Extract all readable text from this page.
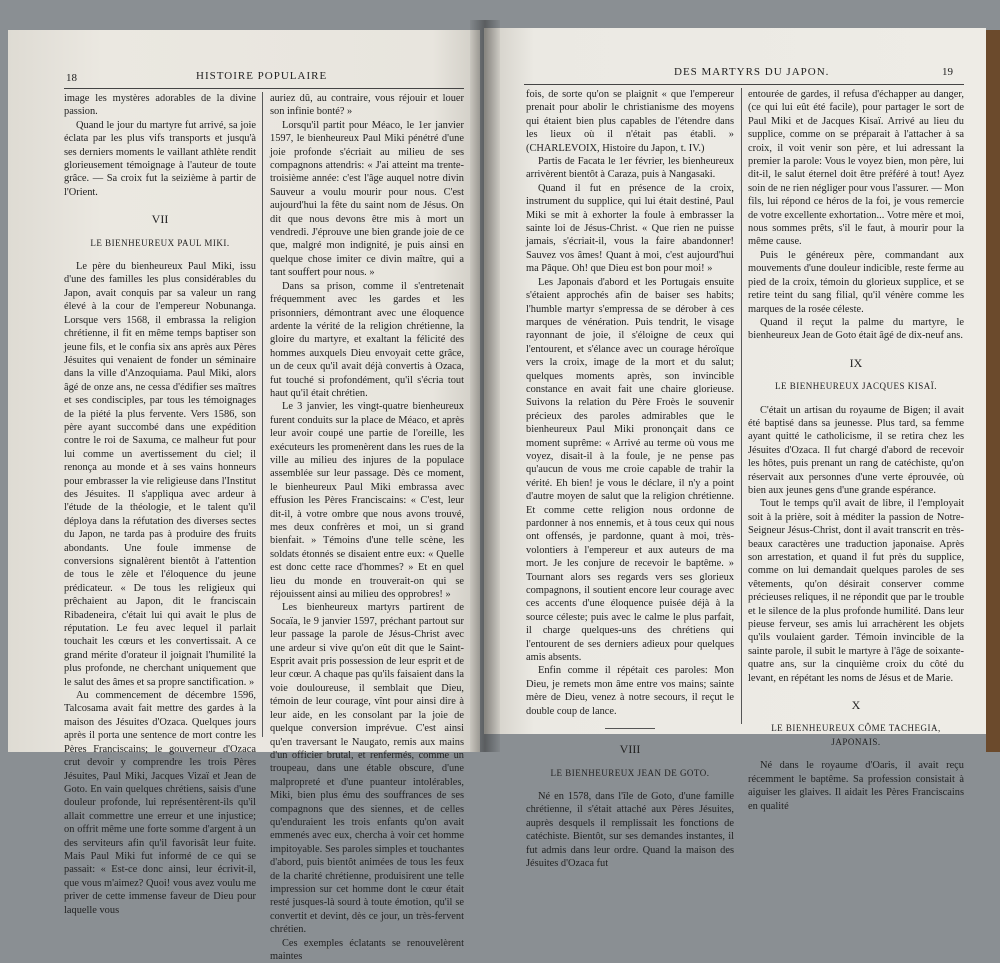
18	HISTOIRE POPULAIRE

image les mystères adorables de la divine passion.

Quand le jour du martyre fut arrivé, sa joie éclata par les plus vifs transports et jusqu'à ses derniers moments le vaillant athlète rendit glorieusement témoignage à l'auteur de toute grâce. — Sa croix fut la seizième à partir de l'Orient.

VII
LE BIENHEUREUX PAUL MIKI.

Le père du bienheureux Paul Miki, issu d'une des familles les plus considérables du Japon, avait conquis par sa valeur un rang élevé à la cour de l'empereur Nobunanga. Lorsque vers 1568, il embrassa la religion chrétienne, il fit en même temps baptiser son jeune fils, et le confia six ans après aux Pères Jésuites qui venaient de fonder un séminaire dans la ville d'Anzoquiama. Paul Miki, alors âgé de onze ans, ne cessa d'édifier ses maîtres et ses condisciples, par tous les témoignages de la piété la plus fervente. Vers 1586, son père ayant succombé dans une expédition contre le roi de Saxuma, ce malheur fut pour lui comme un avertissement du ciel; il renonça au monde et à ses vains honneurs pour embrasser la vie religieuse dans l'Institut des Jésuites. Il s'appliqua avec ardeur à l'étude de la théologie, et le talent qu'il déploya dans la réfutation des diverses sectes du Japon, ne tarda pas à produire des fruits abondants. Une foule immense de conversions signalèrent bientôt à l'attention de tous le zèle et l'éloquence du jeune prédicateur. « De tous les religieux qui prêchaient au Japon, dit le franciscain Ribadeneira, c'était lui qui avait le plus de réputation. Le feu avec lequel il parlait touchait les cœurs et les convertissait. A ce grand mérite d'orateur il joignait l'humilité la plus profonde, ne cherchant uniquement que le salut des âmes et sa propre sanctification. »

Au commencement de décembre 1596, Talcosama avait fait mettre des gardes à la maison des Jésuites d'Ozaca. Quelques jours après il porta une sentence de mort contre les Pères Franciscains; le gouverneur d'Ozaca crut devoir y comprendre les trois Pères Jésuites, Paul Miki, Jacques Vizaï et Jean de Goto. En vain quelques chrétiens, saisis d'une douleur profonde, lui représentèrent-ils qu'il allait commettre une erreur et une injustice; on offrit même une forte somme d'argent à un des serviteurs afin qu'il favorisât leur fuite. Mais Paul Miki fut informé de ce qui se passait: « Est-ce donc ainsi, leur écrivit-il, que vous m'aimez? Quoi! vous avez voulu me priver de cette immense faveur de Dieu pour laquelle vous

auriez dû, au contraire, vous réjouir et louer son infinie bonté? »

Lorsqu'il partit pour Méaco, le 1er janvier 1597, le bienheureux Paul Miki pénétré d'une joie profonde s'écriait au milieu de ses compagnons attendris: « J'ai atteint ma trente-troisième année: c'est l'âge auquel notre divin Sauveur a voulu mourir pour nous. C'est aujourd'hui la fête du saint nom de Jésus. On dit que nous devons être mis à mort un vendredi. J'éprouve une bien grande joie de ce que, malgré mon indignité, je puis ainsi en quelque chose imiter ce divin maître, qui a tant souffert pour nous. »

Dans sa prison, comme il s'entretenait fréquemment avec les gardes et les prisonniers, démontrant avec une éloquence ardente la vérité de la religion chrétienne, la gloire du martyre, et exaltant la félicité des hommes auxquels Dieu envoyait cette grâce, un de ceux qu'il avait déjà convertis à Ozaca, fut touché si profondément, qu'il s'écria tout haut qu'il était chrétien.

Le 3 janvier, les vingt-quatre bienheureux furent conduits sur la place de Méaco, et après leur avoir coupé une partie de l'oreille, les exécuteurs les promenèrent dans les rues de la ville au milieu des injures de la populace assemblée sur leur passage. Dès ce moment, le bienheureux Paul Miki embrassa avec effusion les Pères Franciscains: « C'est, leur dit-il, à votre ombre que nous avons trouvé, mes deux confrères et moi, un si grand bienfait. » Témoins d'une telle scène, les soldats étonnés se disaient entre eux: « Quelle est donc cette race d'hommes? » Et en quel lieu du monde en trouverait-on qui se réjouissent ainsi au milieu des opprobres! »

Les bienheureux martyrs partirent de Socaïa, le 9 janvier 1597, préchant partout sur leur passage la parole de Jésus-Christ avec une ardeur si vive qu'on eût dit que le Saint-Esprit avait pris possession de leur esprit et de leur cœur. A chaque pas qu'ils faisaient dans la voie douloureuse, il semblait que Dieu, témoin de leur courage, vînt pour ainsi dire à leur aide, en les consolant par la joie de quelque conversion imprévue. C'est ainsi qu'en traversant le Naugato, remis aux mains d'un officier brutal, et renfermés, comme un troupeau, dans une étable obscure, d'une malpropreté et d'une puanteur intolérables, Miki, bien plus ému des souffrances de ses compagnons que des siennes, et de celles qu'enduraient les trois enfants qu'on avait emmenés avec eux, chercha à voir cet homme impitoyable. Ses paroles simples et touchantes d'abord, puis bientôt animées de tous les feux de la charité chrétienne, produisirent une telle impression sur cet homme dont le cœur était resté jusques-là sourd à toute émotion, qu'il se convertit et devint, dès ce jour, un très-fervent chrétien.

Ces exemples éclatants se renouvelèrent maintes

DES MARTYRS DU JAPON.	19

fois, de sorte qu'on se plaignit « que l'empereur prenait pour abolir le christianisme des moyens qui étaient bien plus capables de l'étendre dans les lieux où il n'était pas établi. » (CHARLEVOIX, Histoire du Japon, t. IV.)

Partis de Facata le 1er février, les bienheureux arrivèrent bientôt à Caraza, puis à Nangasaki.

Quand il fut en présence de la croix, instrument du supplice, qui lui était destiné, Paul Miki se mit à exhorter la foule à embrasser la sainte loi de Jésus-Christ. « Que rien ne puisse jamais, s'écriait-il, vous la faire abandonner! Sauvez vos âmes! Quant à moi, c'est aujourd'hui ma Pâque. Oh! que Dieu est bon pour moi! »

Les Japonais d'abord et les Portugais ensuite s'étaient approchés afin de baiser ses habits; l'humble martyr s'empressa de se dérober à ces marques de vénération. Puis tendrit, le visage rayonnant de joie, il s'éloigne de ceux qui l'entourent, et s'élance avec un courage héroïque vers la croix, image de la mort et du salut; quelques moments après, son invincible constance en avait fait une chaire glorieuse. Suivons la relation du Père Froès le souvenir précieux des paroles admirables que le bienheureux Paul Miki prononçait dans ce moment suprême: « Arrivé au terme où vous me voyez, disait-il à la foule, je ne pense pas qu'aucun de vous me croie capable de trahir la vérité. Eh bien! je vous le déclare, il n'y a point d'autre moyen de salut que la religion chrétienne. Et comme cette religion nous ordonne de pardonner à nos ennemis, et à tous ceux qui nous ont offensés, je pardonne, quant à moi, très-volontiers à l'empereur et aux auteurs de ma mort. Je les conjure de recevoir le baptême. » Tournant alors ses regards vers ses glorieux compagnons, il soutient encore leur courage avec ces accents d'une éloquence puisée déjà à la source céleste; puis avec le calme le plus parfait, il charge quelques-uns des chrétiens qui l'entourent de ses derniers adieux pour quelques amis absents.

Enfin comme il répétait ces paroles: Mon Dieu, je remets mon âme entre vos mains; sainte mère de Dieu, venez à notre secours, il reçut le double coup de lance.

VIII
LE BIENHEUREUX JEAN DE GOTO.

Né en 1578, dans l'île de Goto, d'une famille chrétienne, il s'était attaché aux Pères Jésuites, auprès desquels il remplissait les fonctions de catéchiste. Bientôt, sur ses demandes instantes, il fut admis dans leur ordre. Quand la maison des Jésuites d'Ozaca fut

entourée de gardes, il refusa d'échapper au danger, (ce qui lui eût été facile), pour partager le sort de Paul Miki et de Jacques Kisaï. Arrivé au lieu du supplice, comme on se préparait à l'attacher à sa croix, il voit venir son père, et lui adressant la premier la parole: Vous le voyez bien, mon père, lui dit-il, le salut éternel doit être préféré à tout! Ayez soin de ne rien négliger pour vous l'assurer. — Mon fils, lui répond ce héros de la foi, je vous remercie de votre excellente exhortation... Votre mère et moi, nous sommes prêts, s'il le faut, à mourir pour la même cause.

Puis le généreux père, commandant aux mouvements d'une douleur indicible, reste ferme au pied de la croix, témoin du glorieux supplice, et se retire teint du sang filial, qu'il vénère comme les marques de la rosée céleste.

Quand il reçut la palme du martyre, le bienheureux Jean de Goto était âgé de dix-neuf ans.

IX
LE BIENHEUREUX JACQUES KISAÏ.

C'était un artisan du royaume de Bigen; il avait été baptisé dans sa jeunesse. Plus tard, sa femme ayant quitté le catholicisme, il se retira chez les Jésuites d'Ozaca. Il fut chargé d'abord de recevoir les hôtes, puis prenant un rang de catéchiste, qu'on réservait aux personnes d'une verte éprouvée, où bien aux jeunes gens d'une grande espérance.

Tout le temps qu'il avait de libre, il l'employait soit à la prière, soit à méditer la passion de Notre-Seigneur Jésus-Christ, dont il avait transcrit en très-beaux caractères une traduction japonaise. Après son arrestation, et quand il fut près du supplice, comme on lui demandait quelques paroles de ses vêtements, qu'on désirait conserver comme précieuses reliques, il ne répondit que par le trouble et le silence de la plus profonde humilité. Dans leur pieuse ferveur, ses amis lui arrachèrent les objets qu'ils voulaient garder. Témoin invincible de la sainte parole, il subit le martyre à l'âge de soixante-quatre ans, sur la cinquième croix du côté du levant, en répétant les noms de Jésus et de Marie.

X
LE BIENHEUREUX CÔME TACHEGIA, JAPONAIS.

Né dans le royaume d'Oaris, il avait reçu récemment le baptême. Sa profession consistait à aiguiser les glaives. Il aidait les Pères Franciscains en qualité
